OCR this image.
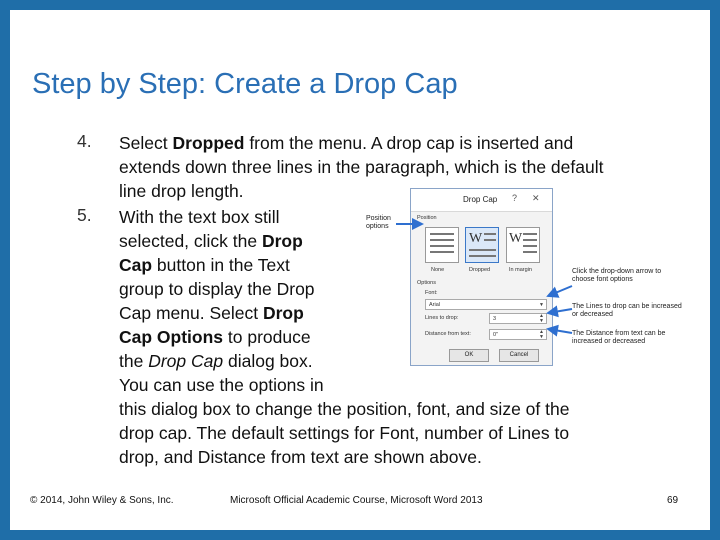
Step by Step: Create a Drop Cap
4. Select Dropped from the menu. A drop cap is inserted and
extends down three lines in the paragraph, which is the default
line drop length.
5. With the text box still
selected, click the Drop
Cap button in the Text
group to display the Drop
Cap menu. Select Drop
Cap Options to produce
the Drop Cap dialog box.
You can use the options in
this dialog box to change the position, font, and size of the
drop cap. The default settings for Font, number of Lines to
drop, and Distance from text are shown above.
Drop Cap ? ✕
Position
W W
None	Dropped	In margin
Options
Font:
Arial	▼
Lines to drop:	3	▲
▼
Distance from text:	0"	▲
▼
OK	Cancel
Position options
Click the drop-down arrow to choose font options
The Lines to drop can be increased or decreased
The Distance from text can be increased or decreased
© 2014, John Wiley & Sons, Inc.	Microsoft Official Academic Course, Microsoft Word 2013	69
